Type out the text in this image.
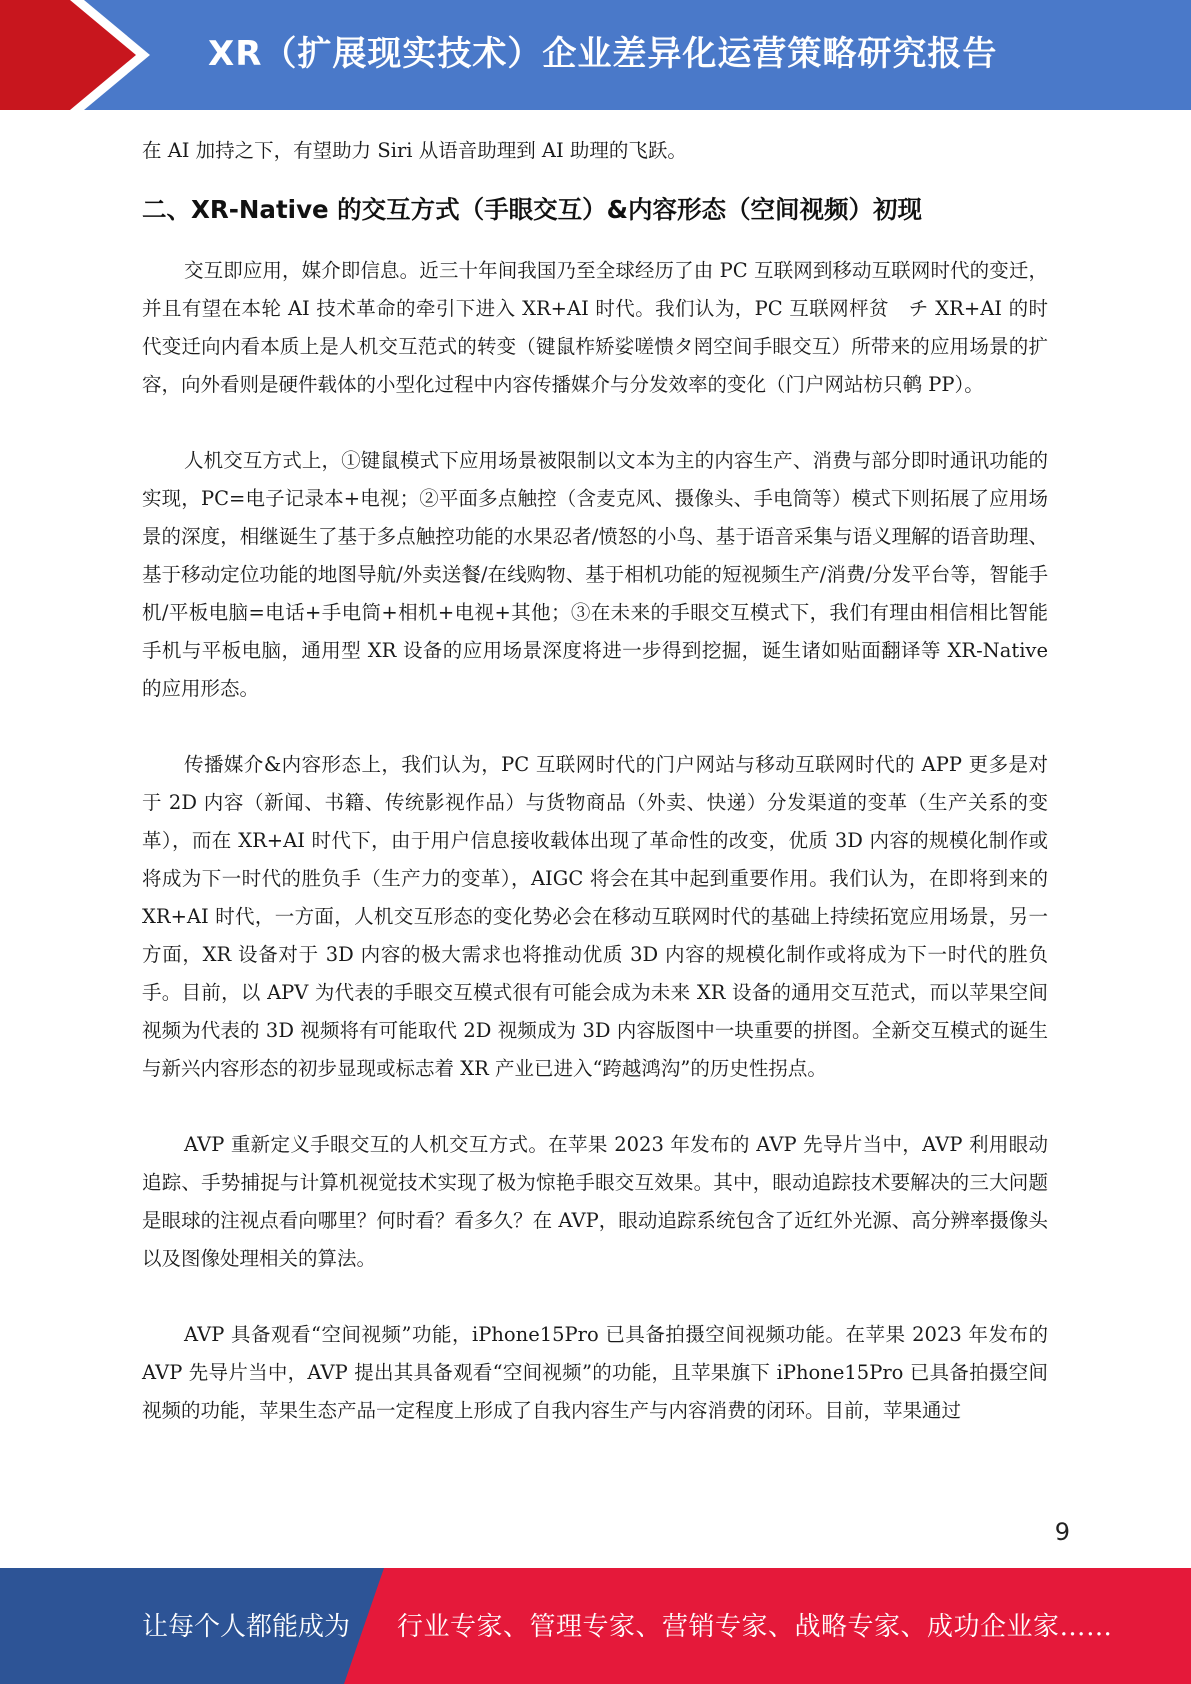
XR（扩展现实技术）企业差异化运营策略研究报告

在 AI 加持之下，有望助力 Siri 从语音助理到 AI 助理的飞跃。

二、XR-Native 的交互方式（手眼交互）&内容形态（空间视频）初现

交互即应用，媒介即信息。近三十年间我国乃至全球经历了由 PC 互联网到移动互联网时代的变迁，并且有望在本轮 AI 技术革命的牵引下进入 XR+AI 时代。我们认为，PC 互联网枰贫　チ XR+AI 的时代变迁向内看本质上是人机交互范式的转变（键鼠柞矫娑嗟愦タ罔空间手眼交互）所带来的应用场景的扩容，向外看则是硬件载体的小型化过程中内容传播媒介与分发效率的变化（门户网站枋只鹌 PP）。

人机交互方式上，①键鼠模式下应用场景被限制以文本为主的内容生产、消费与部分即时通讯功能的实现，PC=电子记录本+电视；②平面多点触控（含麦克风、摄像头、手电筒等）模式下则拓展了应用场景的深度，相继诞生了基于多点触控功能的水果忍者/愤怒的小鸟、基于语音采集与语义理解的语音助理、基于移动定位功能的地图导航/外卖送餐/在线购物、基于相机功能的短视频生产/消费/分发平台等，智能手机/平板电脑=电话+手电筒+相机+电视+其他；③在未来的手眼交互模式下，我们有理由相信相比智能手机与平板电脑，通用型 XR 设备的应用场景深度将进一步得到挖掘，诞生诸如贴面翻译等 XR-Native 的应用形态。

传播媒介&内容形态上，我们认为，PC 互联网时代的门户网站与移动互联网时代的 APP 更多是对于 2D 内容（新闻、书籍、传统影视作品）与货物商品（外卖、快递）分发渠道的变革（生产关系的变革），而在 XR+AI 时代下，由于用户信息接收载体出现了革命性的改变，优质 3D 内容的规模化制作或将成为下一时代的胜负手（生产力的变革），AIGC 将会在其中起到重要作用。我们认为，在即将到来的 XR+AI 时代，一方面，人机交互形态的变化势必会在移动互联网时代的基础上持续拓宽应用场景，另一方面，XR 设备对于 3D 内容的极大需求也将推动优质 3D 内容的规模化制作或将成为下一时代的胜负手。目前，以 APV 为代表的手眼交互模式很有可能会成为未来 XR 设备的通用交互范式，而以苹果空间视频为代表的 3D 视频将有可能取代 2D 视频成为 3D 内容版图中一块重要的拼图。全新交互模式的诞生与新兴内容形态的初步显现或标志着 XR 产业已进入“跨越鸿沟”的历史性拐点。

AVP 重新定义手眼交互的人机交互方式。在苹果 2023 年发布的 AVP 先导片当中，AVP 利用眼动追踪、手势捕捉与计算机视觉技术实现了极为惊艳手眼交互效果。其中，眼动追踪技术要解决的三大问题是眼球的注视点看向哪里？何时看？看多久？在 AVP，眼动追踪系统包含了近红外光源、高分辨率摄像头以及图像处理相关的算法。

AVP 具备观看“空间视频”功能，iPhone15Pro 已具备拍摄空间视频功能。在苹果 2023 年发布的 AVP 先导片当中，AVP 提出其具备观看“空间视频”的功能，且苹果旗下 iPhone15Pro 已具备拍摄空间视频的功能，苹果生态产品一定程度上形成了自我内容生产与内容消费的闭环。目前，苹果通过

9
让每个人都能成为 行业专家、管理专家、营销专家、战略专家、成功企业家……
